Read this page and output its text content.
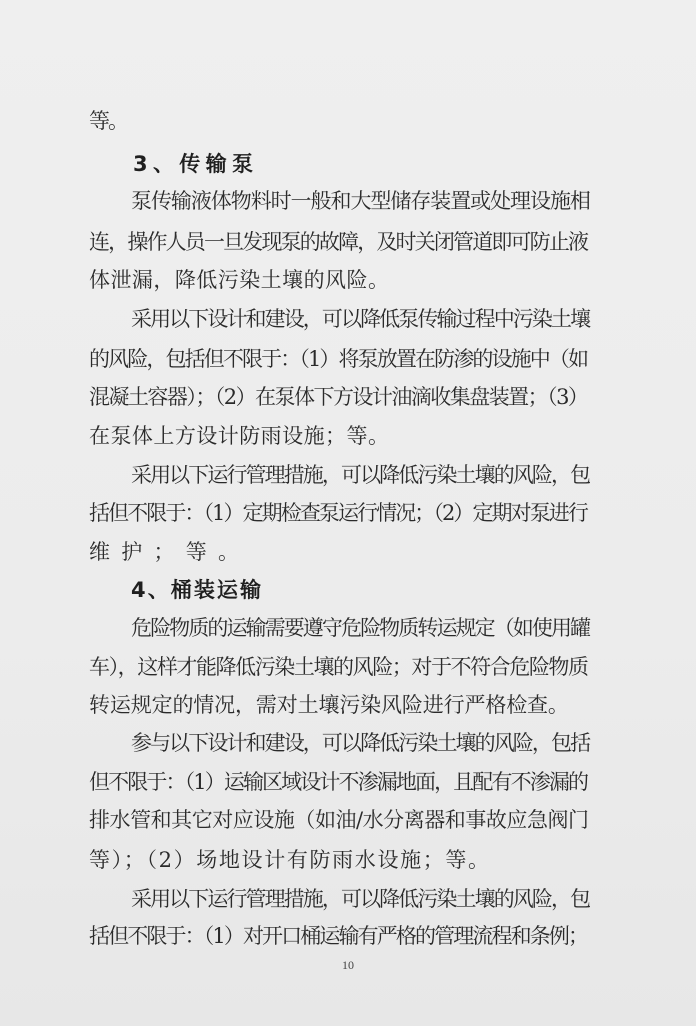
等。
3、传输泵
泵传输液体物料时一般和大型储存装置或处理设施相
连，操作人员一旦发现泵的故障，及时关闭管道即可防止液
体泄漏，降低污染土壤的风险。
采用以下设计和建设，可以降低泵传输过程中污染土壤
的风险，包括但不限于：（1）将泵放置在防渗的设施中（如
混凝土容器）；（2）在泵体下方设计油滴收集盘装置；（3）
在泵体上方设计防雨设施；等。
采用以下运行管理措施，可以降低污染土壤的风险，包
括但不限于：（1）定期检查泵运行情况；（2）定期对泵进行
维护；等。
4、桶装运输
危险物质的运输需要遵守危险物质转运规定（如使用罐
车），这样才能降低污染土壤的风险；对于不符合危险物质
转运规定的情况，需对土壤污染风险进行严格检查。
参与以下设计和建设，可以降低污染土壤的风险，包括
但不限于：（1）运输区域设计不渗漏地面，且配有不渗漏的
排水管和其它对应设施（如油/水分离器和事故应急阀门
等）；（2）场地设计有防雨水设施；等。
采用以下运行管理措施，可以降低污染土壤的风险，包
括但不限于：（1）对开口桶运输有严格的管理流程和条例；
10
